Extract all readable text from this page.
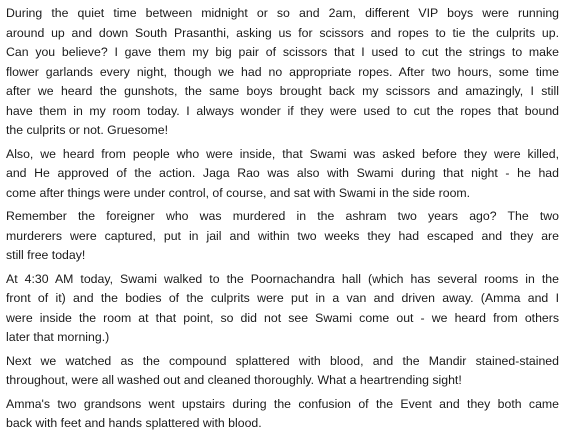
During the quiet time between midnight or so and 2am, different VIP boys were running
around up and down South Prasanthi, asking us for scissors and ropes to tie the culprits up.
Can you believe? I gave them my big pair of scissors that I used to cut the strings to make
flower garlands every night, though we had no appropriate ropes. After two hours, some time
after we heard the gunshots, the same boys brought back my scissors and amazingly, I still
have them in my room today. I always wonder if they were used to cut the ropes that bound
the culprits or not. Gruesome!

Also, we heard from people who were inside, that Swami was asked before they were killed,
and He approved of the action. Jaga Rao was also with Swami during that night - he had
come after things were under control, of course, and sat with Swami in the side room.

Remember the foreigner who was murdered in the ashram two years ago? The two
murderers were captured, put in jail and within two weeks they had escaped and they are
still free today!

At 4:30 AM today, Swami walked to the Poornachandra hall (which has several rooms in the
front of it) and the bodies of the culprits were put in a van and driven away. (Amma and I
were inside the room at that point, so did not see Swami come out - we heard from others
later that morning.)

Next we watched as the compound splattered with blood, and the Mandir stained-stained
throughout, were all washed out and cleaned thoroughly. What a heartrending sight!

Amma's two grandsons went upstairs during the confusion of the Event and they both came
back with feet and hands splattered with blood.
